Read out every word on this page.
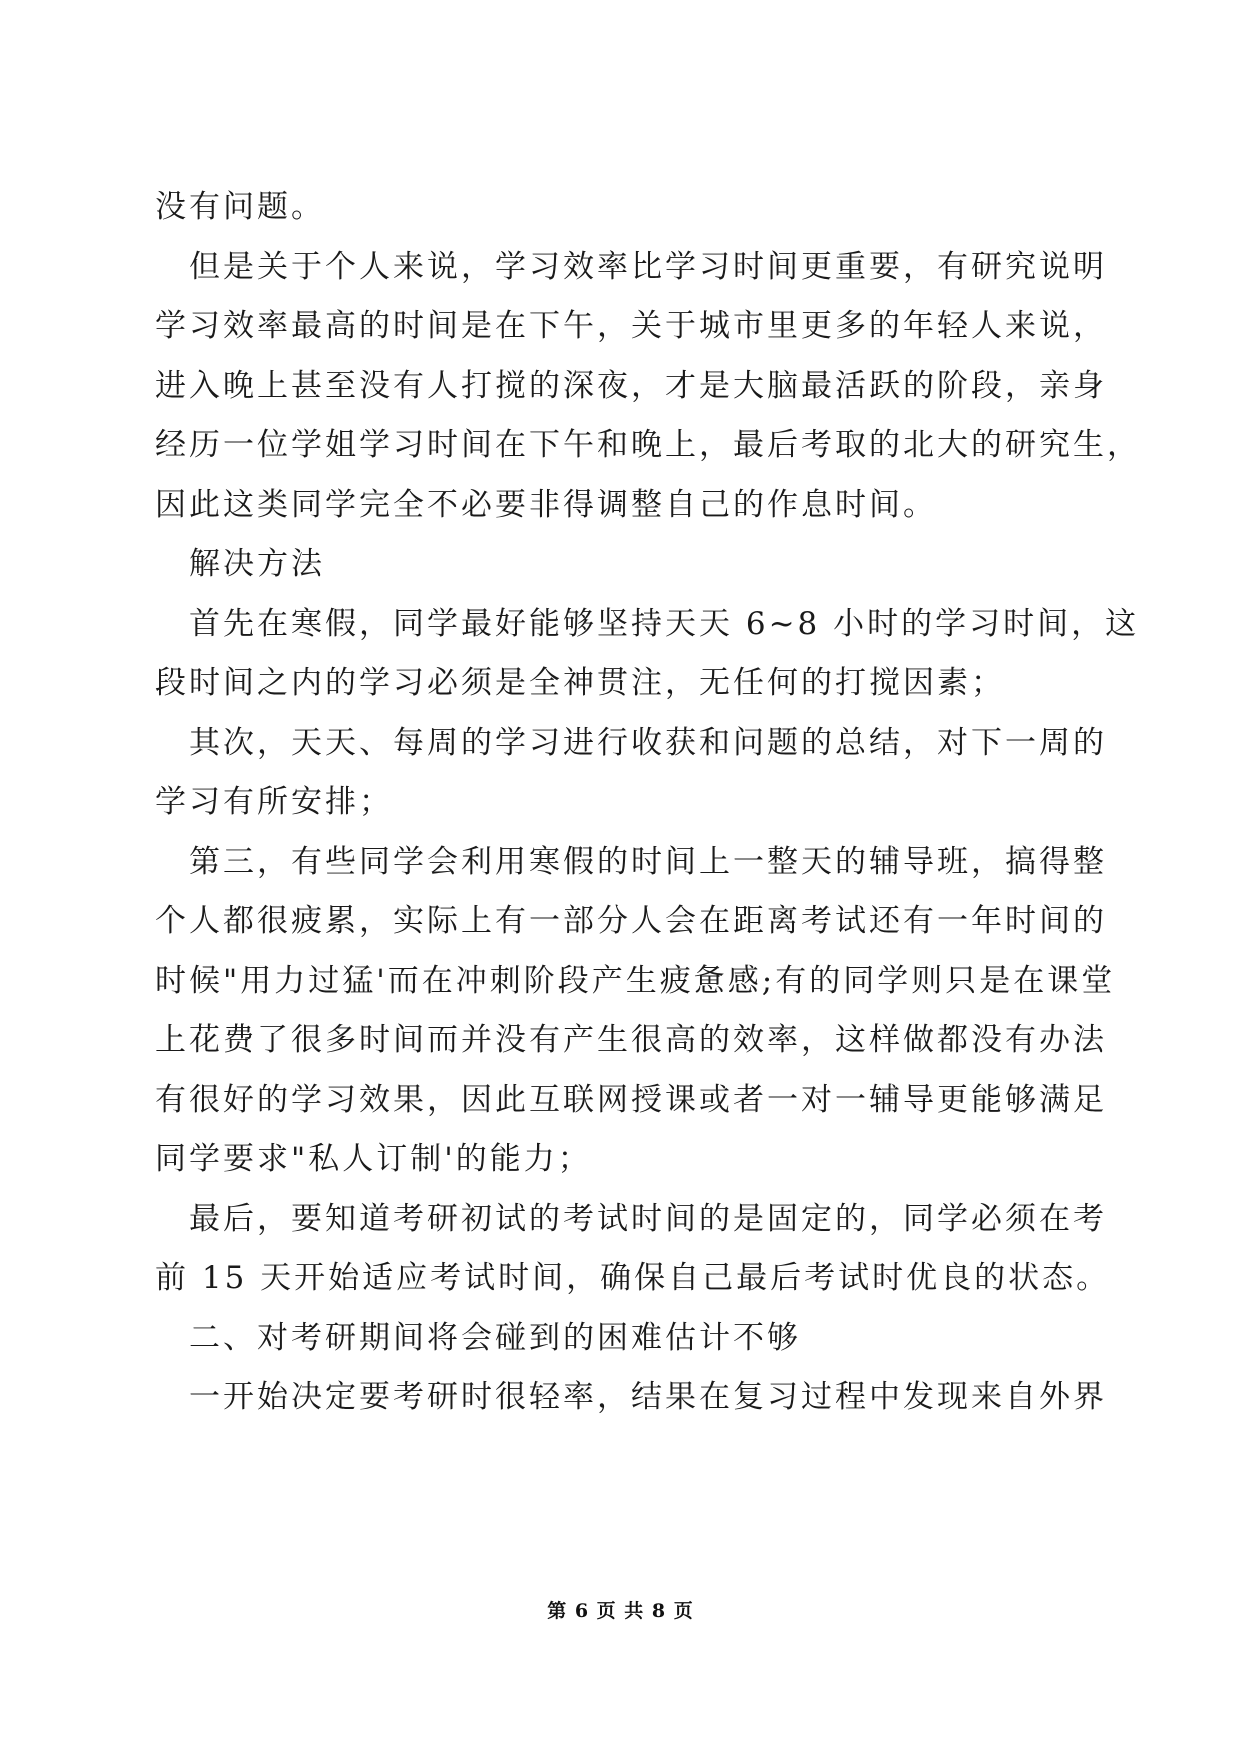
没有问题。
但是关于个人来说，学习效率比学习时间更重要，有研究说明
学习效率最高的时间是在下午，关于城市里更多的年轻人来说，
进入晚上甚至没有人打搅的深夜，才是大脑最活跃的阶段，亲身
经历一位学姐学习时间在下午和晚上，最后考取的北大的研究生，
因此这类同学完全不必要非得调整自己的作息时间。
解决方法
首先在寒假，同学最好能够坚持天天 6~8 小时的学习时间，这
段时间之内的学习必须是全神贯注，无任何的打搅因素；
其次，天天、每周的学习进行收获和问题的总结，对下一周的
学习有所安排；
第三，有些同学会利用寒假的时间上一整天的辅导班，搞得整
个人都很疲累，实际上有一部分人会在距离考试还有一年时间的
时候"用力过猛'而在冲刺阶段产生疲惫感;有的同学则只是在课堂
上花费了很多时间而并没有产生很高的效率，这样做都没有办法
有很好的学习效果，因此互联网授课或者一对一辅导更能够满足
同学要求"私人订制'的能力；
最后，要知道考研初试的考试时间的是固定的，同学必须在考
前 15 天开始适应考试时间，确保自己最后考试时优良的状态。
二、对考研期间将会碰到的困难估计不够
一开始决定要考研时很轻率，结果在复习过程中发现来自外界
第 6 页 共 8 页
